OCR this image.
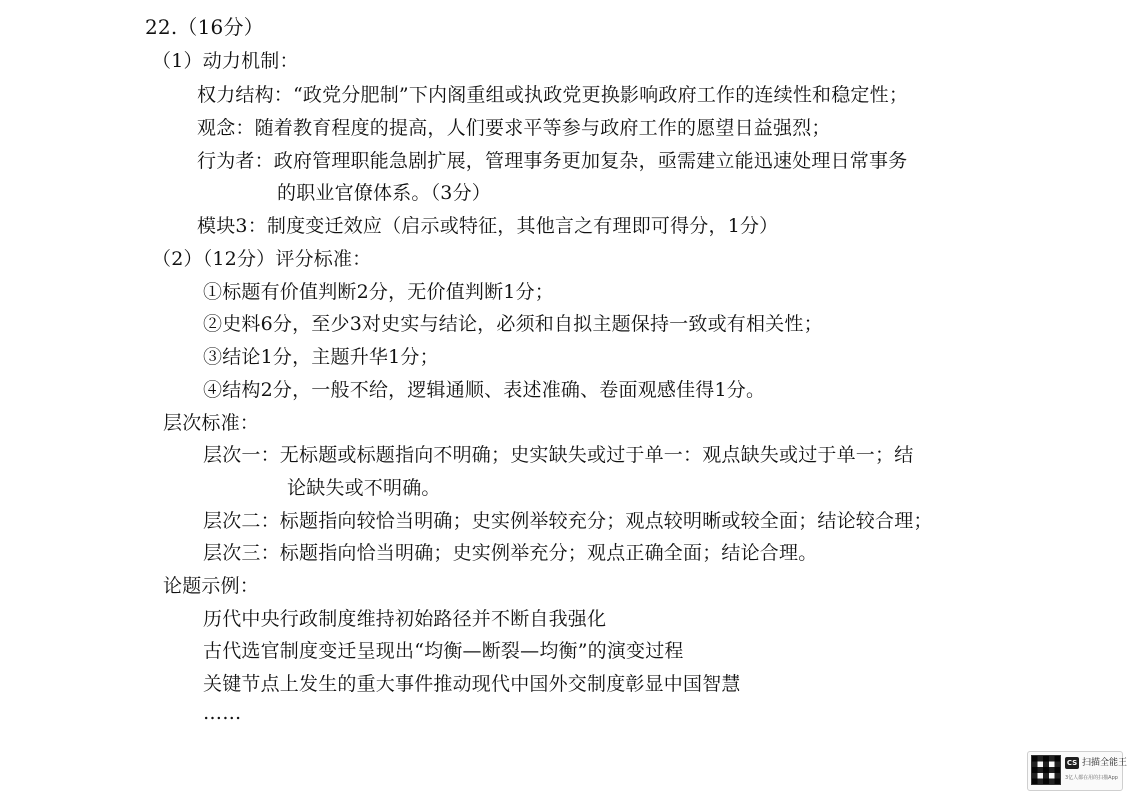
22.（16分）
（1）动力机制：
权力结构：“政党分肥制”下内阁重组或执政党更换影响政府工作的连续性和稳定性；
观念：随着教育程度的提高，人们要求平等参与政府工作的愿望日益强烈；
行为者：政府管理职能急剧扩展，管理事务更加复杂，亟需建立能迅速处理日常事务
的职业官僚体系。（3分）
模块3：制度变迁效应（启示或特征，其他言之有理即可得分，1分）
（2）（12分）评分标准：
①标题有价值判断2分，无价值判断1分；
②史料6分，至少3对史实与结论，必须和自拟主题保持一致或有相关性；
③结论1分，主题升华1分；
④结构2分，一般不给，逻辑通顺、表述准确、卷面观感佳得1分。
层次标准：
层次一：无标题或标题指向不明确；史实缺失或过于单一：观点缺失或过于单一；结
论缺失或不明确。
层次二：标题指向较恰当明确；史实例举较充分；观点较明晰或较全面；结论较合理；
层次三：标题指向恰当明确；史实例举充分；观点正确全面；结论合理。
论题示例：
历代中央行政制度维持初始路径并不断自我强化
古代选官制度变迁呈现出“均衡—断裂—均衡”的演变过程
关键节点上发生的重大事件推动现代中国外交制度彰显中国智慧
……
CS 扫描全能王
3亿人都在用的扫描App
